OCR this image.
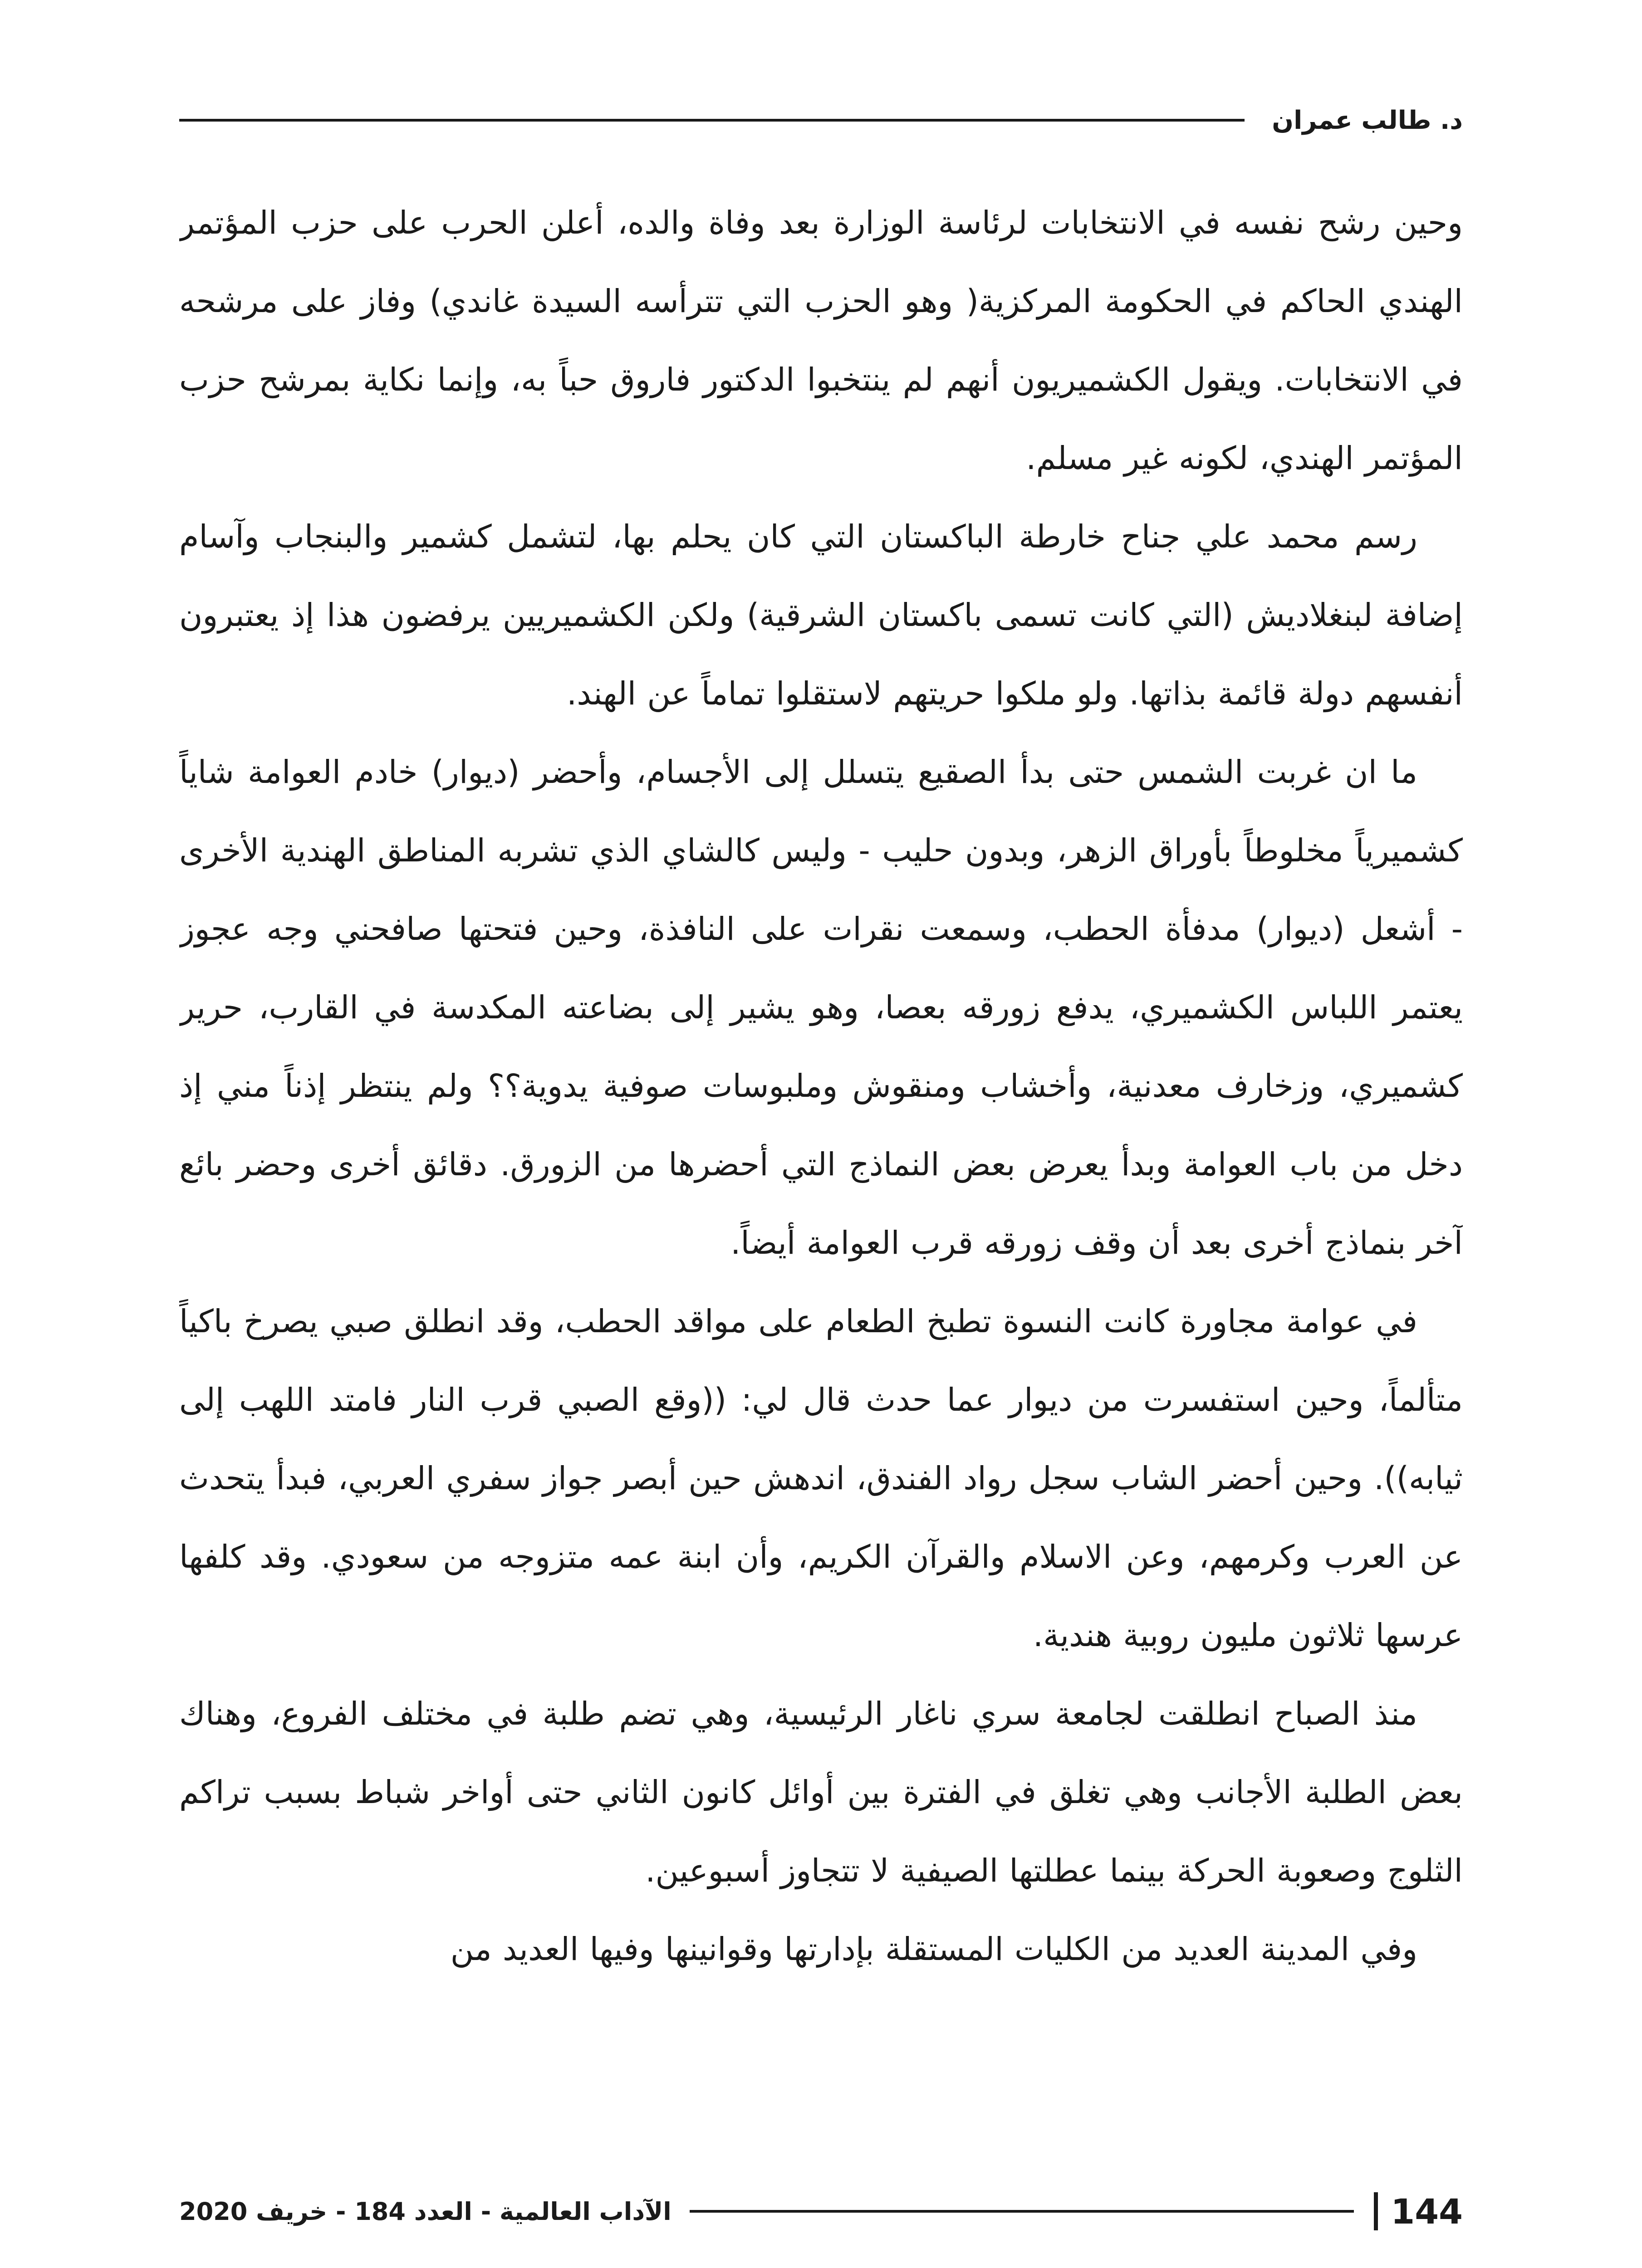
د. طالب عمران

وحين رشح نفسه في الانتخابات لرئاسة الوزارة بعد وفاة والده، أعلن الحرب على حزب المؤتمر الهندي الحاكم في الحكومة المركزية( وهو الحزب التي تترأسه السيدة غاندي) وفاز على مرشحه في الانتخابات. ويقول الكشميريون أنهم لم ينتخبوا الدكتور فاروق حباً به، وإنما نكاية بمرشح حزب المؤتمر الهندي، لكونه غير مسلم.

رسم محمد علي جناح خارطة الباكستان التي كان يحلم بها، لتشمل كشمير والبنجاب وآسام إضافة لبنغلاديش (التي كانت تسمى باكستان الشرقية) ولكن الكشميريين يرفضون هذا إذ يعتبرون أنفسهم دولة قائمة بذاتها. ولو ملكوا حريتهم لاستقلوا تماماً عن الهند.

ما ان غربت الشمس حتى بدأ الصقيع يتسلل إلى الأجسام، وأحضر (ديوار) خادم العوامة شاياً كشميرياً مخلوطاً بأوراق الزهر، وبدون حليب - وليس كالشاي الذي تشربه المناطق الهندية الأخرى - أشعل (ديوار) مدفأة الحطب، وسمعت نقرات على النافذة، وحين فتحتها صافحني وجه عجوز يعتمر اللباس الكشميري، يدفع زورقه بعصا، وهو يشير إلى بضاعته المكدسة في القارب، حرير كشميري، وزخارف معدنية، وأخشاب ومنقوش وملبوسات صوفية يدوية؟؟ ولم ينتظر إذناً مني إذ دخل من باب العوامة وبدأ يعرض بعض النماذج التي أحضرها من الزورق. دقائق أخرى وحضر بائع آخر بنماذج أخرى بعد أن وقف زورقه قرب العوامة أيضاً.

في عوامة مجاورة كانت النسوة تطبخ الطعام على مواقد الحطب، وقد انطلق صبي يصرخ باكياً متألماً، وحين استفسرت من ديوار عما حدث قال لي: ((وقع الصبي قرب النار فامتد اللهب إلى ثيابه)). وحين أحضر الشاب سجل رواد الفندق، اندهش حين أبصر جواز سفري العربي، فبدأ يتحدث عن العرب وكرمهم، وعن الاسلام والقرآن الكريم، وأن ابنة عمه متزوجه من سعودي. وقد كلفها عرسها ثلاثون مليون روبية هندية.

منذ الصباح انطلقت لجامعة سري ناغار الرئيسية، وهي تضم طلبة في مختلف الفروع، وهناك بعض الطلبة الأجانب وهي تغلق في الفترة بين أوائل كانون الثاني حتى أواخر شباط بسبب تراكم الثلوج وصعوبة الحركة بينما عطلتها الصيفية لا تتجاوز أسبوعين.

وفي المدينة العديد من الكليات المستقلة بإدارتها وقوانينها وفيها العديد من

144
الآداب العالمية - العدد 184 - خريف 2020
